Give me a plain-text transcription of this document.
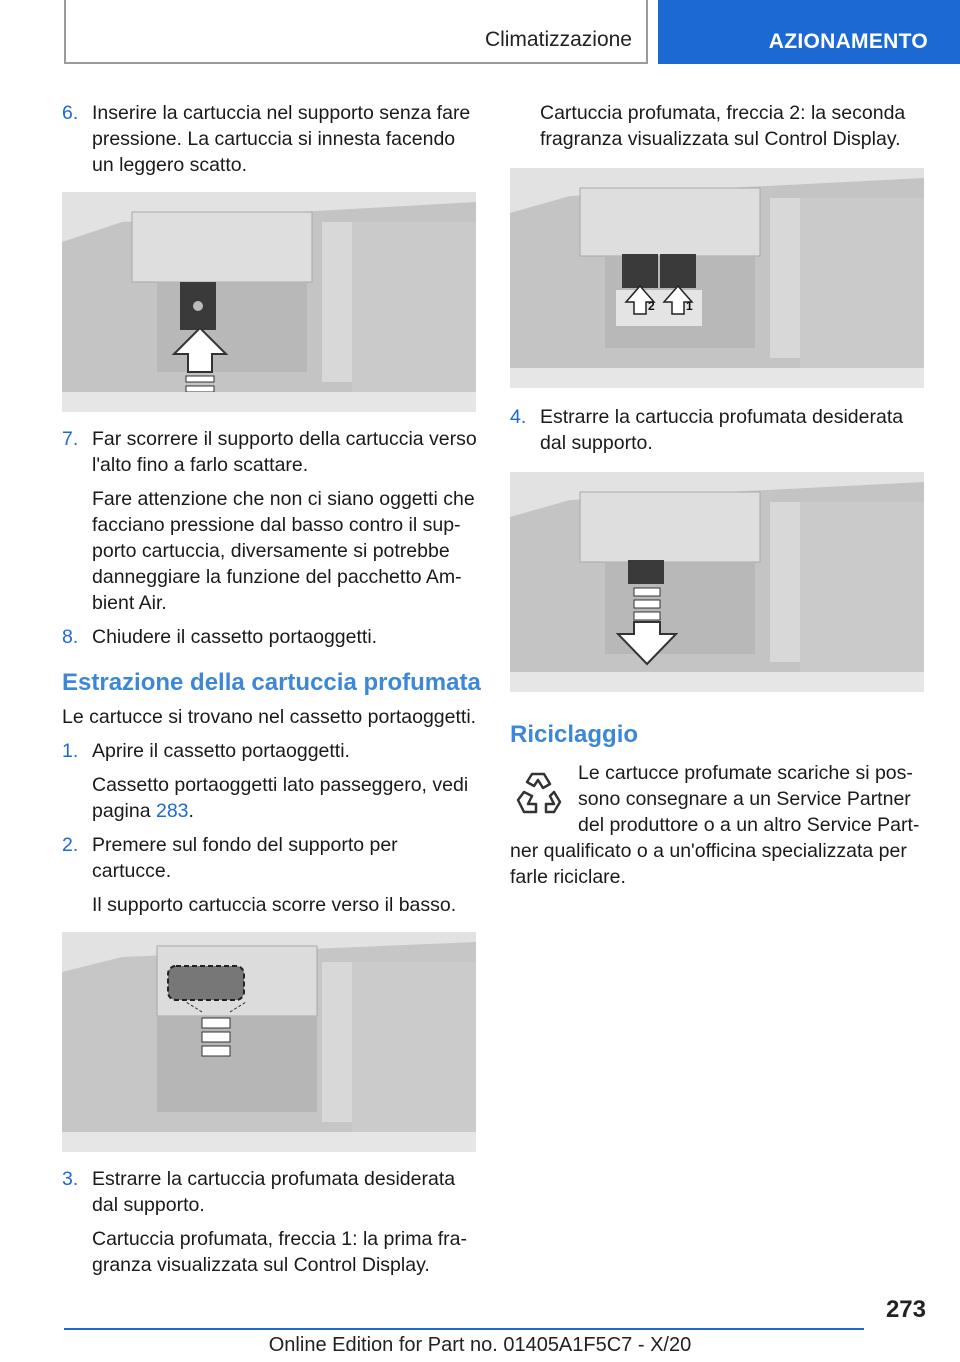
Climatizzazione	AZIONAMENTO
6. Inserire la cartuccia nel supporto senza fare pressione. La cartuccia si innesta facendo un leggero scatto.

7. Far scorrere il supporto della cartuccia verso l'alto fino a farlo scattare.

Fare attenzione che non ci siano oggetti che facciano pressione dal basso contro il sup-porto cartuccia, diversamente si potrebbe danneggiare la funzione del pacchetto Am-bient Air.

8. Chiudere il cassetto portaoggetti.

Estrazione della cartuccia profumata

Le cartucce si trovano nel cassetto portaoggetti.

1. Aprire il cassetto portaoggetti.

Cassetto portaoggetti lato passeggero, vedi pagina 283.

2. Premere sul fondo del supporto per cartucce.

Il supporto cartuccia scorre verso il basso.

3. Estrarre la cartuccia profumata desiderata dal supporto.

Cartuccia profumata, freccia 1: la prima fra-granza visualizzata sul Control Display.

Cartuccia profumata, freccia 2: la seconda fragranza visualizzata sul Control Display.

2	1
4. Estrarre la cartuccia profumata desiderata dal supporto.

Riciclaggio

Le cartucce profumate scariche si pos-sono consegnare a un Service Partner del produttore o a un altro Service Part-

ner qualificato o a un'officina specializzata per farle riciclare.

273
Online Edition for Part no. 01405A1F5C7 - X/20
